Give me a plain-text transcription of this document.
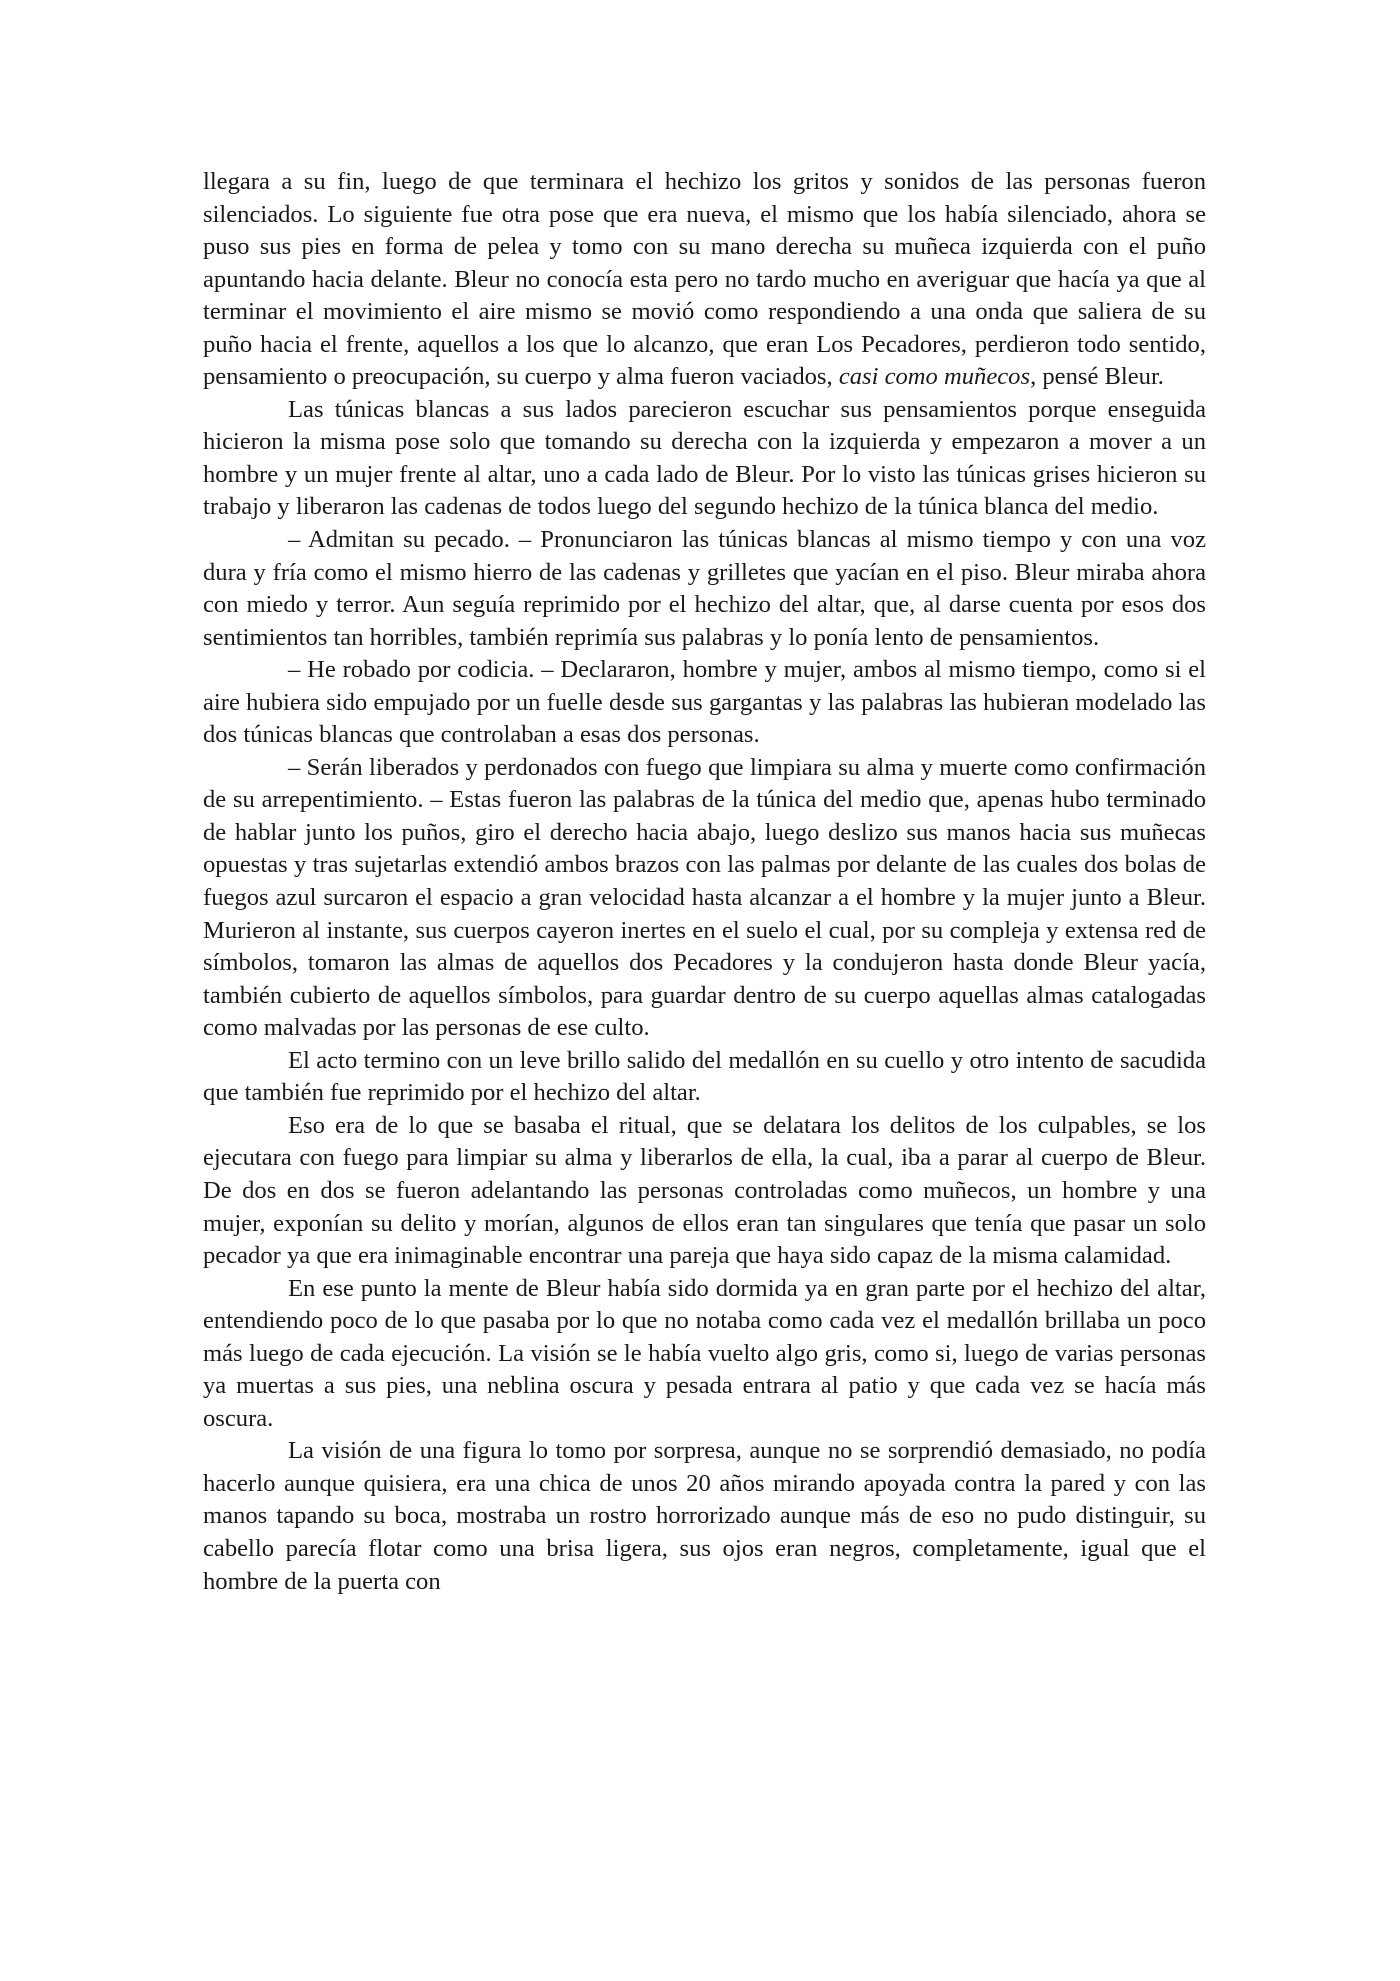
llegara a su fin, luego de que terminara el hechizo los gritos y sonidos de las personas fueron silenciados. Lo siguiente fue otra pose que era nueva, el mismo que los había silenciado, ahora se puso sus pies en forma de pelea y tomo con su mano derecha su muñeca izquierda con el puño apuntando hacia delante. Bleur no conocía esta pero no tardo mucho en averiguar que hacía ya que al terminar el movimiento el aire mismo se movió como respondiendo a una onda que saliera de su puño hacia el frente, aquellos a los que lo alcanzo, que eran Los Pecadores, perdieron todo sentido, pensamiento o preocupación, su cuerpo y alma fueron vaciados, casi como muñecos, pensé Bleur.

Las túnicas blancas a sus lados parecieron escuchar sus pensamientos porque enseguida hicieron la misma pose solo que tomando su derecha con la izquierda y empezaron a mover a un hombre y un mujer frente al altar, uno a cada lado de Bleur. Por lo visto las túnicas grises hicieron su trabajo y liberaron las cadenas de todos luego del segundo hechizo de la túnica blanca del medio.

– Admitan su pecado. – Pronunciaron las túnicas blancas al mismo tiempo y con una voz dura y fría como el mismo hierro de las cadenas y grilletes que yacían en el piso. Bleur miraba ahora con miedo y terror. Aun seguía reprimido por el hechizo del altar, que, al darse cuenta por esos dos sentimientos tan horribles, también reprimía sus palabras y lo ponía lento de pensamientos.

– He robado por codicia. – Declararon, hombre y mujer, ambos al mismo tiempo, como si el aire hubiera sido empujado por un fuelle desde sus gargantas y las palabras las hubieran modelado las dos túnicas blancas que controlaban a esas dos personas.

– Serán liberados y perdonados con fuego que limpiara su alma y muerte como confirmación de su arrepentimiento. – Estas fueron las palabras de la túnica del medio que, apenas hubo terminado de hablar junto los puños, giro el derecho hacia abajo, luego deslizo sus manos hacia sus muñecas opuestas y tras sujetarlas extendió ambos brazos con las palmas por delante de las cuales dos bolas de fuegos azul surcaron el espacio a gran velocidad hasta alcanzar a el hombre y la mujer junto a Bleur. Murieron al instante, sus cuerpos cayeron inertes en el suelo el cual, por su compleja y extensa red de símbolos, tomaron las almas de aquellos dos Pecadores y la condujeron hasta donde Bleur yacía, también cubierto de aquellos símbolos, para guardar dentro de su cuerpo aquellas almas catalogadas como malvadas por las personas de ese culto.

El acto termino con un leve brillo salido del medallón en su cuello y otro intento de sacudida que también fue reprimido por el hechizo del altar.

Eso era de lo que se basaba el ritual, que se delatara los delitos de los culpables, se los ejecutara con fuego para limpiar su alma y liberarlos de ella, la cual, iba a parar al cuerpo de Bleur. De dos en dos se fueron adelantando las personas controladas como muñecos, un hombre y una mujer, exponían su delito y morían, algunos de ellos eran tan singulares que tenía que pasar un solo pecador ya que era inimaginable encontrar una pareja que haya sido capaz de la misma calamidad.

En ese punto la mente de Bleur había sido dormida ya en gran parte por el hechizo del altar, entendiendo poco de lo que pasaba por lo que no notaba como cada vez el medallón brillaba un poco más luego de cada ejecución. La visión se le había vuelto algo gris, como si, luego de varias personas ya muertas a sus pies, una neblina oscura y pesada entrara al patio y que cada vez se hacía más oscura.

La visión de una figura lo tomo por sorpresa, aunque no se sorprendió demasiado, no podía hacerlo aunque quisiera, era una chica de unos 20 años mirando apoyada contra la pared y con las manos tapando su boca, mostraba un rostro horrorizado aunque más de eso no pudo distinguir, su cabello parecía flotar como una brisa ligera, sus ojos eran negros, completamente, igual que el hombre de la puerta con
